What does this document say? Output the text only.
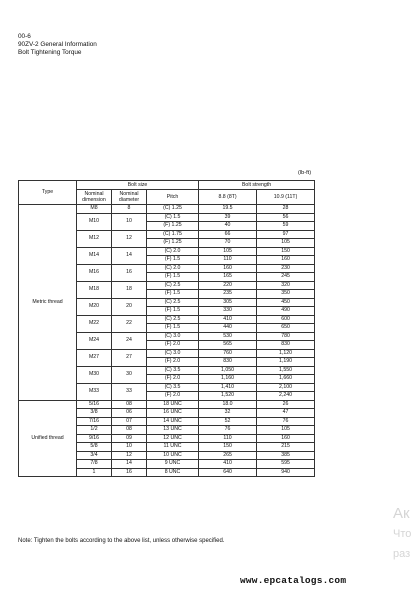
00-6
90ZV-2 General Information
Bolt Tightening Torque
(lb-ft)
Type	Bolt size			Bolt strength	
	Nominal dimension	Nominal diameter	Pitch	8.8 (8T)	10.9 (11T)
Metric thread	M8	8	(C) 1.25	19.5	28
	M10	10	(C) 1.5	39	56
			(F) 1.25	40	59
	M12	12	(C) 1.75	66	97
			(F) 1.25	70	105
	M14	14	(C) 2.0	105	150
			(F) 1.5	110	160
	M16	16	(C) 2.0	160	230
			(F) 1.5	165	245
	M18	18	(C) 2.5	220	320
			(F) 1.5	235	350
	M20	20	(C) 2.5	305	450
			(F) 1.5	330	490
	M22	22	(C) 2.5	410	600
			(F) 1.5	440	650
	M24	24	(C) 3.0	530	780
			(F) 2.0	565	830
	M27	27	(C) 3.0	760	1,120
			(F) 2.0	830	1,190
	M30	30	(C) 3.5	1,050	1,550
			(F) 2.0	1,160	1,660
	M33	33	(C) 3.5	1,410	2,100
			(F) 2.0	1,520	2,240
Unified thread	5/16	08	18 UNC	18.0	26
	3/8	06	16 UNC	32	47
	7/16	07	14 UNC	52	76
	1/2	08	13 UNC	76	105
	9/16	09	12 UNC	110	160
	5/8	10	11 UNC	150	215
	3/4	12	10 UNC	265	385
	7/8	14	9 UNC	410	595
	1	16	8 UNC	640	940
Note: Tighten the bolts according to the above list, unless otherwise specified.
Ак
Что
раз
www.epcatalogs.com
